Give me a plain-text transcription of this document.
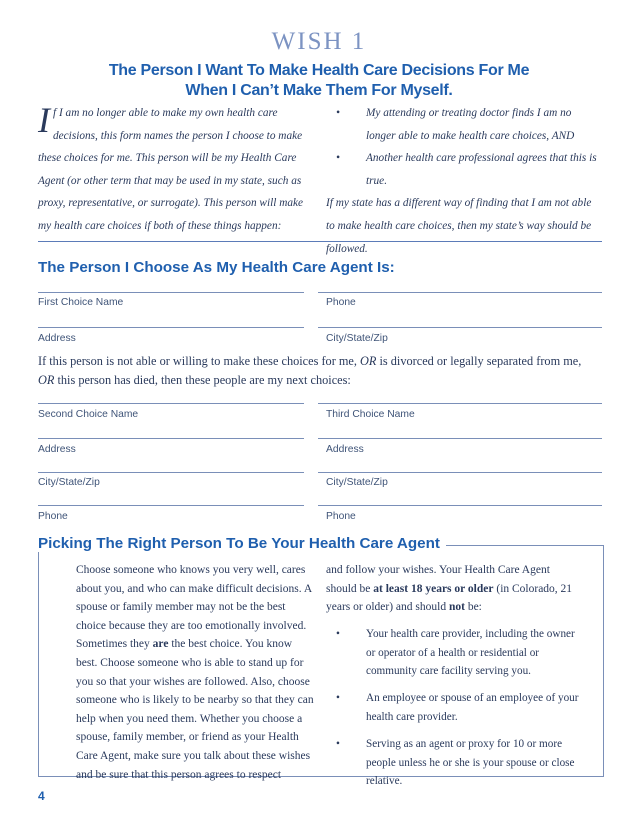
WISH 1
The Person I Want To Make Health Care Decisions For Me
When I Can’t Make Them For Myself.
If I am no longer able to make my own health care decisions, this form names the person I choose to make these choices for me. This person will be my Health Care Agent (or other term that may be used in my state, such as proxy, representative, or surrogate). This person will make my health care choices if both of these things happen:
• My attending or treating doctor finds I am no longer able to make health care choices, AND
• Another health care professional agrees that this is true.
If my state has a different way of finding that I am not able to make health care choices, then my state’s way should be followed.
The Person I Choose As My Health Care Agent Is:
First Choice Name	Phone
Address	City/State/Zip
If this person is not able or willing to make these choices for me, OR is divorced or legally separated from me,
OR this person has died, then these people are my next choices:
Second Choice Name	Third Choice Name
Address	Address
City/State/Zip	City/State/Zip
Phone	Phone
Picking The Right Person To Be Your Health Care Agent
Choose someone who knows you very well, cares about you, and who can make difficult decisions. A spouse or family member may not be the best choice because they are too emotionally involved. Sometimes they are the best choice. You know best. Choose someone who is able to stand up for you so that your wishes are followed. Also, choose someone who is likely to be nearby so that they can help when you need them. Whether you choose a spouse, family member, or friend as your Health Care Agent, make sure you talk about these wishes and be sure that this person agrees to respect
and follow your wishes. Your Health Care Agent should be at least 18 years or older (in Colorado, 21 years or older) and should not be:
• Your health care provider, including the owner or operator of a health or residential or community care facility serving you.
• An employee or spouse of an employee of your health care provider.
• Serving as an agent or proxy for 10 or more people unless he or she is your spouse or close relative.
4
